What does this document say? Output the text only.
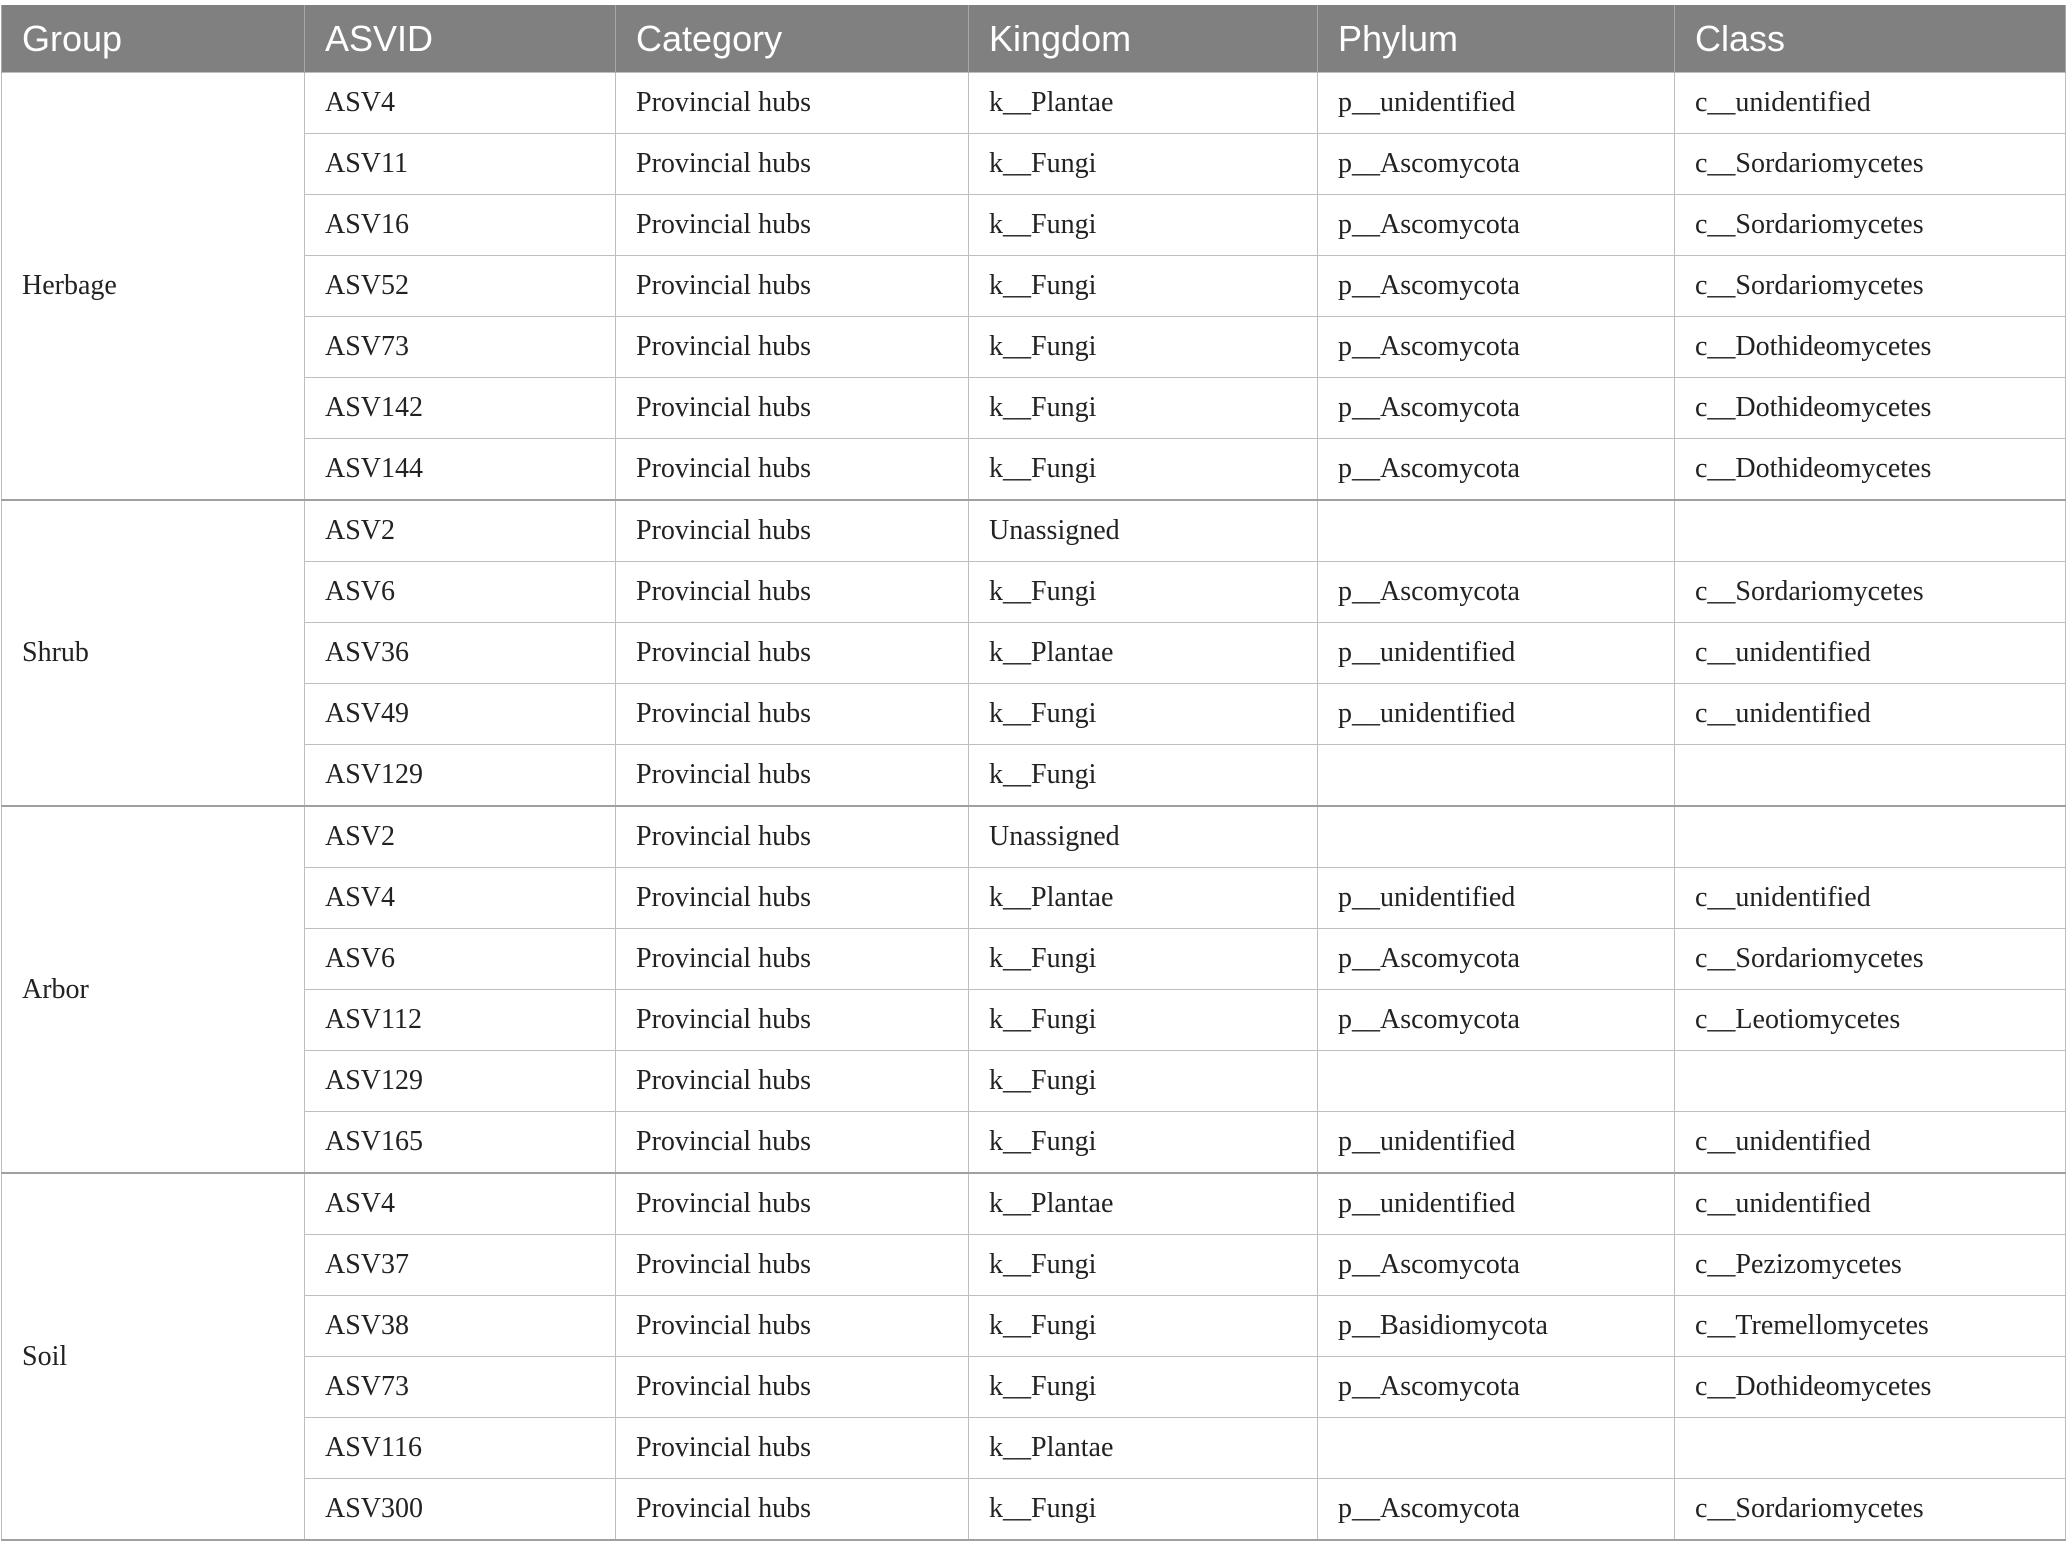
Group	ASVID	Category	Kingdom	Phylum	Class
Herbage	ASV4	Provincial hubs	k__Plantae	p__unidentified	c__unidentified
	ASV11	Provincial hubs	k__Fungi	p__Ascomycota	c__Sordariomycetes
	ASV16	Provincial hubs	k__Fungi	p__Ascomycota	c__Sordariomycetes
	ASV52	Provincial hubs	k__Fungi	p__Ascomycota	c__Sordariomycetes
	ASV73	Provincial hubs	k__Fungi	p__Ascomycota	c__Dothideomycetes
	ASV142	Provincial hubs	k__Fungi	p__Ascomycota	c__Dothideomycetes
	ASV144	Provincial hubs	k__Fungi	p__Ascomycota	c__Dothideomycetes
Shrub	ASV2	Provincial hubs	Unassigned		
	ASV6	Provincial hubs	k__Fungi	p__Ascomycota	c__Sordariomycetes
	ASV36	Provincial hubs	k__Plantae	p__unidentified	c__unidentified
	ASV49	Provincial hubs	k__Fungi	p__unidentified	c__unidentified
	ASV129	Provincial hubs	k__Fungi		
Arbor	ASV2	Provincial hubs	Unassigned		
	ASV4	Provincial hubs	k__Plantae	p__unidentified	c__unidentified
	ASV6	Provincial hubs	k__Fungi	p__Ascomycota	c__Sordariomycetes
	ASV112	Provincial hubs	k__Fungi	p__Ascomycota	c__Leotiomycetes
	ASV129	Provincial hubs	k__Fungi		
	ASV165	Provincial hubs	k__Fungi	p__unidentified	c__unidentified
Soil	ASV4	Provincial hubs	k__Plantae	p__unidentified	c__unidentified
	ASV37	Provincial hubs	k__Fungi	p__Ascomycota	c__Pezizomycetes
	ASV38	Provincial hubs	k__Fungi	p__Basidiomycota	c__Tremellomycetes
	ASV73	Provincial hubs	k__Fungi	p__Ascomycota	c__Dothideomycetes
	ASV116	Provincial hubs	k__Plantae		
	ASV300	Provincial hubs	k__Fungi	p__Ascomycota	c__Sordariomycetes
